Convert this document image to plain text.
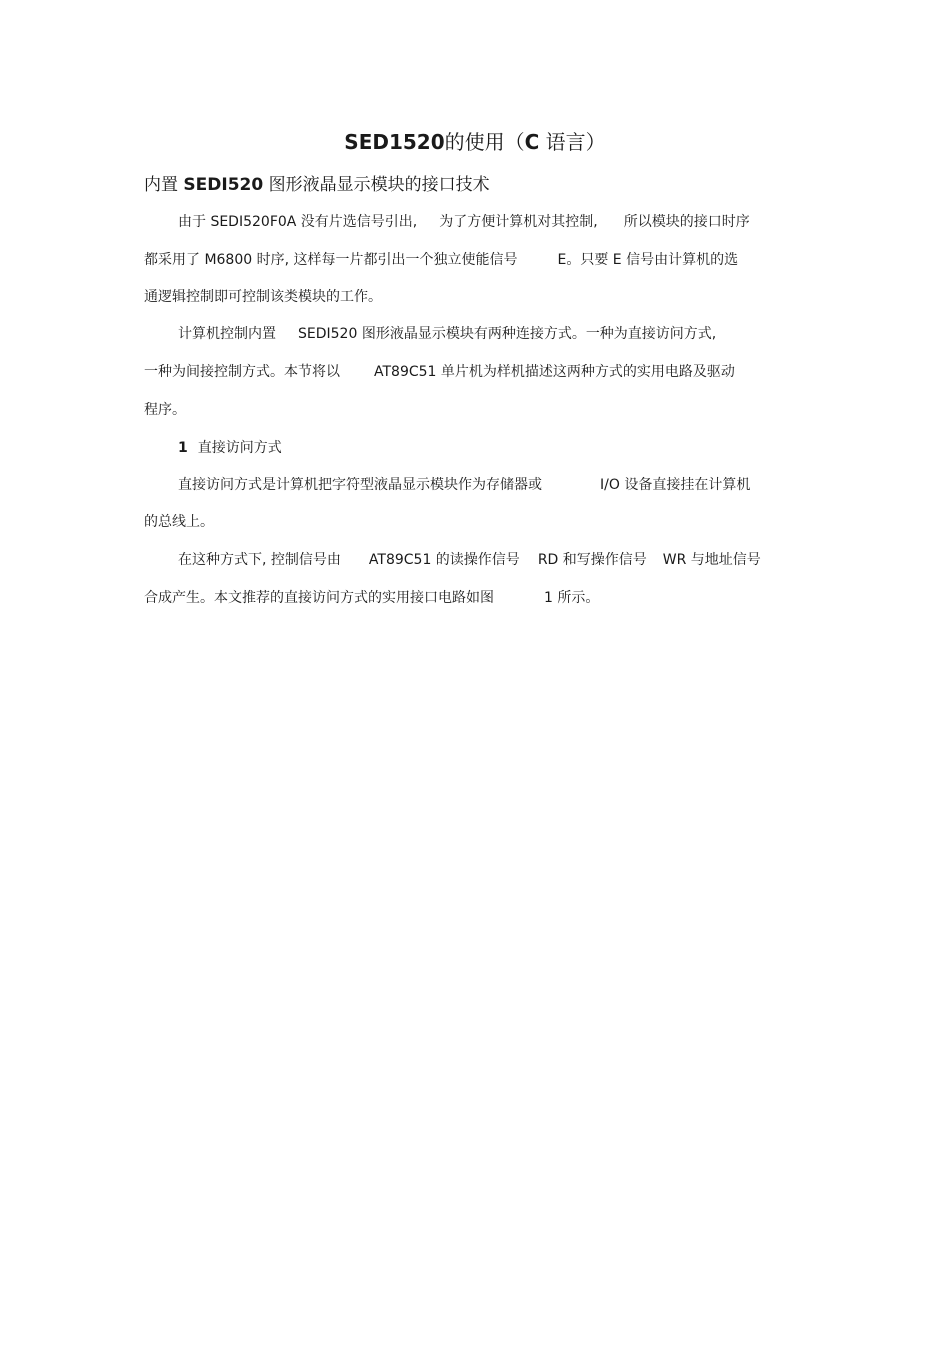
SED1520的使用（C 语言）
内置 SEDI520 图形液晶显示模块的接口技术
由于 SEDI520F0A 没有片选信号引出, 为了方便计算机对其控制, 所以模块的接口时序
都采用了 M6800 时序, 这样每一片都引出一个独立使能信号	E。只要 E 信号由计算机的选
通逻辑控制即可控制该类模块的工作。
计算机控制内置 SEDI520 图形液晶显示模块有两种连接方式。一种为直接访问方式,
一种为间接控制方式。本节将以 AT89C51 单片机为样机描述这两种方式的实用电路及驱动
程序。
1 直接访问方式
直接访问方式是计算机把字符型液晶显示模块作为存储器或	I/O 设备直接挂在计算机
的总线上。
在这种方式下, 控制信号由 AT89C51 的读操作信号 RD 和写操作信号 WR 与地址信号
合成产生。本文推荐的直接访问方式的实用接口电路如图	1 所示。
